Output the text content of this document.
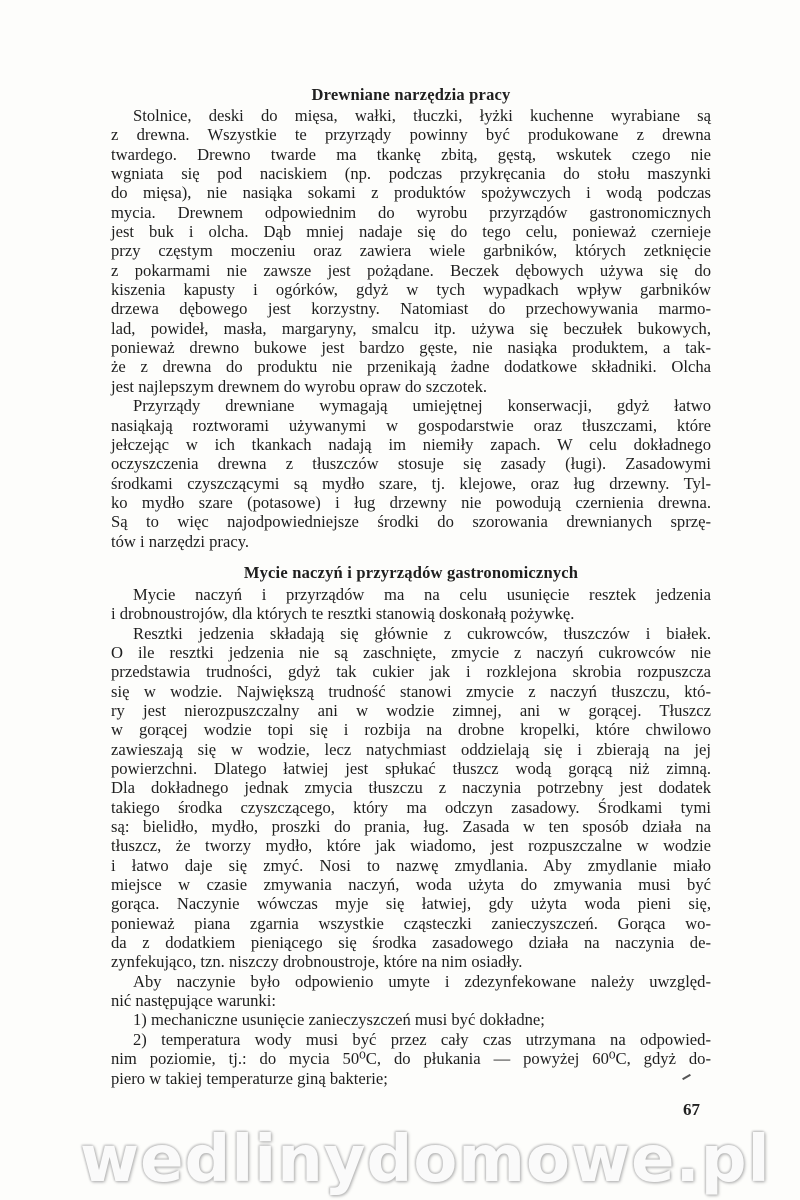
Drewniane narzędzia pracy
Stolnice, deski do mięsa, wałki, tłuczki, łyżki kuchenne wyrabiane są
z drewna. Wszystkie te przyrządy powinny być produkowane z drewna
twardego. Drewno twarde ma tkankę zbitą, gęstą, wskutek czego nie
wgniata się pod naciskiem (np. podczas przykręcania do stołu maszynki
do mięsa), nie nasiąka sokami z produktów spożywczych i wodą podczas
mycia. Drewnem odpowiednim do wyrobu przyrządów gastronomicznych
jest buk i olcha. Dąb mniej nadaje się do tego celu, ponieważ czernieje
przy częstym moczeniu oraz zawiera wiele garbników, których zetknięcie
z pokarmami nie zawsze jest pożądane. Beczek dębowych używa się do
kiszenia kapusty i ogórków, gdyż w tych wypadkach wpływ garbników
drzewa dębowego jest korzystny. Natomiast do przechowywania marmo-
lad, powideł, masła, margaryny, smalcu itp. używa się beczułek bukowych,
ponieważ drewno bukowe jest bardzo gęste, nie nasiąka produktem, a tak-
że z drewna do produktu nie przenikają żadne dodatkowe składniki. Olcha
jest najlepszym drewnem do wyrobu opraw do szczotek.
Przyrządy drewniane wymagają umiejętnej konserwacji, gdyż łatwo
nasiąkają roztworami używanymi w gospodarstwie oraz tłuszczami, które
jełczejąc w ich tkankach nadają im niemiły zapach. W celu dokładnego
oczyszczenia drewna z tłuszczów stosuje się zasady (ługi). Zasadowymi
środkami czyszczącymi są mydło szare, tj. klejowe, oraz ług drzewny. Tyl-
ko mydło szare (potasowe) i ług drzewny nie powodują czernienia drewna.
Są to więc najodpowiedniejsze środki do szorowania drewnianych sprzę-
tów i narzędzi pracy.
Mycie naczyń i przyrządów gastronomicznych
Mycie naczyń i przyrządów ma na celu usunięcie resztek jedzenia
i drobnoustrojów, dla których te resztki stanowią doskonałą pożywkę.
Resztki jedzenia składają się głównie z cukrowców, tłuszczów i białek.
O ile resztki jedzenia nie są zaschnięte, zmycie z naczyń cukrowców nie
przedstawia trudności, gdyż tak cukier jak i rozklejona skrobia rozpuszcza
się w wodzie. Największą trudność stanowi zmycie z naczyń tłuszczu, któ-
ry jest nierozpuszczalny ani w wodzie zimnej, ani w gorącej. Tłuszcz
w gorącej wodzie topi się i rozbija na drobne kropelki, które chwilowo
zawieszają się w wodzie, lecz natychmiast oddzielają się i zbierają na jej
powierzchni. Dlatego łatwiej jest spłukać tłuszcz wodą gorącą niż zimną.
Dla dokładnego jednak zmycia tłuszczu z naczynia potrzebny jest dodatek
takiego środka czyszczącego, który ma odczyn zasadowy. Środkami tymi
są: bielidło, mydło, proszki do prania, ług. Zasada w ten sposób działa na
tłuszcz, że tworzy mydło, które jak wiadomo, jest rozpuszczalne w wodzie
i łatwo daje się zmyć. Nosi to nazwę zmydlania. Aby zmydlanie miało
miejsce w czasie zmywania naczyń, woda użyta do zmywania musi być
gorąca. Naczynie wówczas myje się łatwiej, gdy użyta woda pieni się,
ponieważ piana zgarnia wszystkie cząsteczki zanieczyszczeń. Gorąca wo-
da z dodatkiem pieniącego się środka zasadowego działa na naczynia de-
zynfekująco, tzn. niszczy drobnoustroje, które na nim osiadły.
Aby naczynie było odpowienio umyte i zdezynfekowane należy uwzględ-
nić następujące warunki:
1) mechaniczne usunięcie zanieczyszczeń musi być dokładne;
2) temperatura wody musi być przez cały czas utrzymana na odpowied-
nim poziomie, tj.: do mycia 50⁰C, do płukania — powyżej 60⁰C, gdyż do-
piero w takiej temperaturze giną bakterie;
67
wedlinydomowe.pl
